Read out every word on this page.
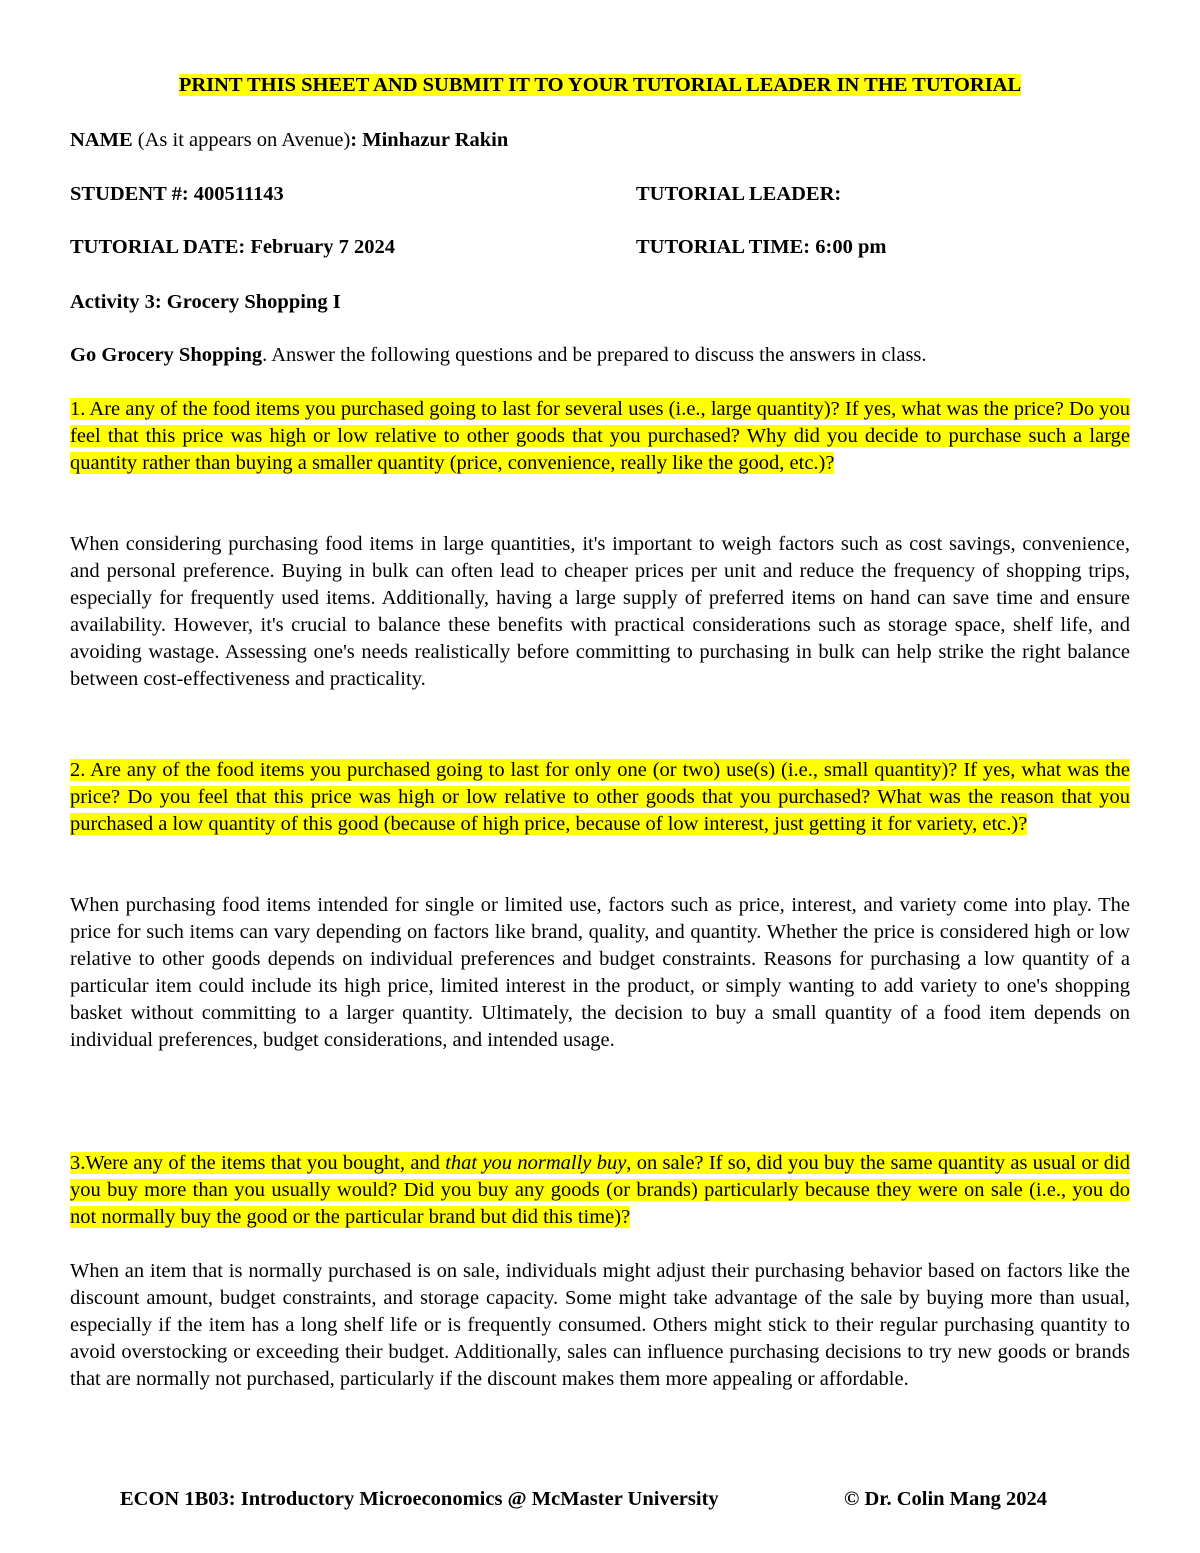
PRINT THIS SHEET AND SUBMIT IT TO YOUR TUTORIAL LEADER IN THE TUTORIAL
NAME (As it appears on Avenue): Minhazur Rakin
STUDENT #: 400511143	TUTORIAL LEADER:
TUTORIAL DATE: February 7 2024	TUTORIAL TIME: 6:00 pm
Activity 3: Grocery Shopping I
Go Grocery Shopping. Answer the following questions and be prepared to discuss the answers in class.
1. Are any of the food items you purchased going to last for several uses (i.e., large quantity)? If yes, what was the price? Do you feel that this price was high or low relative to other goods that you purchased? Why did you decide to purchase such a large quantity rather than buying a smaller quantity (price, convenience, really like the good, etc.)?
When considering purchasing food items in large quantities, it's important to weigh factors such as cost savings, convenience, and personal preference. Buying in bulk can often lead to cheaper prices per unit and reduce the frequency of shopping trips, especially for frequently used items. Additionally, having a large supply of preferred items on hand can save time and ensure availability. However, it's crucial to balance these benefits with practical considerations such as storage space, shelf life, and avoiding wastage. Assessing one's needs realistically before committing to purchasing in bulk can help strike the right balance between cost-effectiveness and practicality.
2. Are any of the food items you purchased going to last for only one (or two) use(s) (i.e., small quantity)? If yes, what was the price? Do you feel that this price was high or low relative to other goods that you purchased? What was the reason that you purchased a low quantity of this good (because of high price, because of low interest, just getting it for variety, etc.)?
When purchasing food items intended for single or limited use, factors such as price, interest, and variety come into play. The price for such items can vary depending on factors like brand, quality, and quantity. Whether the price is considered high or low relative to other goods depends on individual preferences and budget constraints. Reasons for purchasing a low quantity of a particular item could include its high price, limited interest in the product, or simply wanting to add variety to one's shopping basket without committing to a larger quantity. Ultimately, the decision to buy a small quantity of a food item depends on individual preferences, budget considerations, and intended usage.
3.Were any of the items that you bought, and that you normally buy, on sale? If so, did you buy the same quantity as usual or did you buy more than you usually would? Did you buy any goods (or brands) particularly because they were on sale (i.e., you do not normally buy the good or the particular brand but did this time)?
When an item that is normally purchased is on sale, individuals might adjust their purchasing behavior based on factors like the discount amount, budget constraints, and storage capacity. Some might take advantage of the sale by buying more than usual, especially if the item has a long shelf life or is frequently consumed. Others might stick to their regular purchasing quantity to avoid overstocking or exceeding their budget. Additionally, sales can influence purchasing decisions to try new goods or brands that are normally not purchased, particularly if the discount makes them more appealing or affordable.
ECON 1B03: Introductory Microeconomics @ McMaster University	© Dr. Colin Mang 2024
